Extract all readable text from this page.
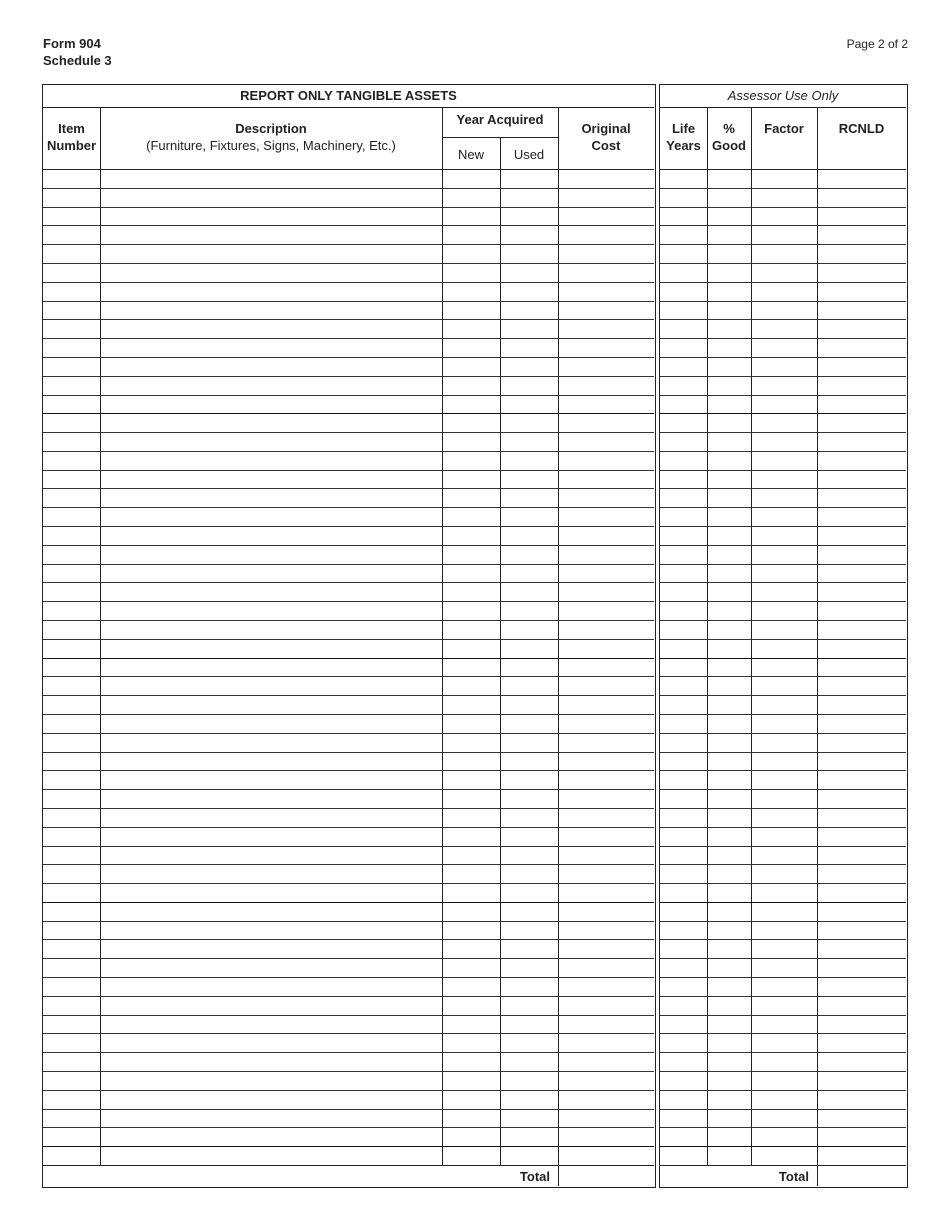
Form 904
Schedule 3
Page 2 of 2
REPORT ONLY TANGIBLE ASSETS
Item
Number
Description
(Furniture, Fixtures, Signs, Machinery, Etc.)
Year Acquired
New	Used
Original
Cost
Total
Assessor Use Only
Life
Years
%
Good
Factor	RCNLD
Total
